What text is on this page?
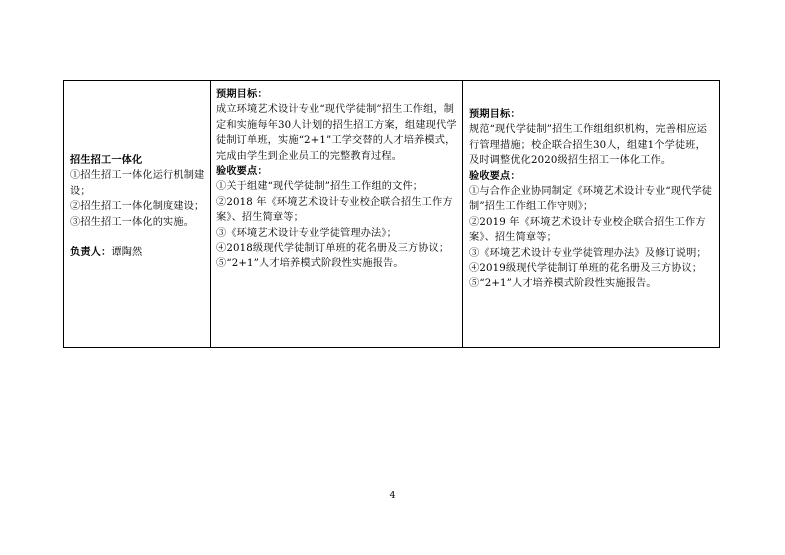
招生招工一体化
①招生招工一体化运行机制建设；
②招生招工一体化制度建设；
③招生招工一体化的实施。
负责人：谭陶然
预期目标：
成立环境艺术设计专业“现代学徒制”招生工作组，制定和实施每年30人计划的招生招工方案，组建现代学徒制订单班，实施“2+1”工学交替的人才培养模式，完成由学生到企业员工的完整教育过程。
验收要点：
①关于组建“现代学徒制”招生工作组的文件；
②2018 年《环境艺术设计专业校企联合招生工作方案》、招生简章等；
③《环境艺术设计专业学徒管理办法》；
④2018级现代学徒制订单班的花名册及三方协议；
⑤“2+1”人才培养模式阶段性实施报告。
预期目标：
规范“现代学徒制”招生工作组组织机构，完善相应运行管理措施；校企联合招生30人，组建1个学徒班，及时调整优化2020级招生招工一体化工作。
验收要点：
①与合作企业协同制定《环境艺术设计专业“现代学徒制”招生工作组工作守则》；
②2019 年《环境艺术设计专业校企联合招生工作方案》、招生简章等；
③《环境艺术设计专业学徒管理办法》及修订说明；
④2019级现代学徒制订单班的花名册及三方协议；
⑤“2+1”人才培养模式阶段性实施报告。
4
